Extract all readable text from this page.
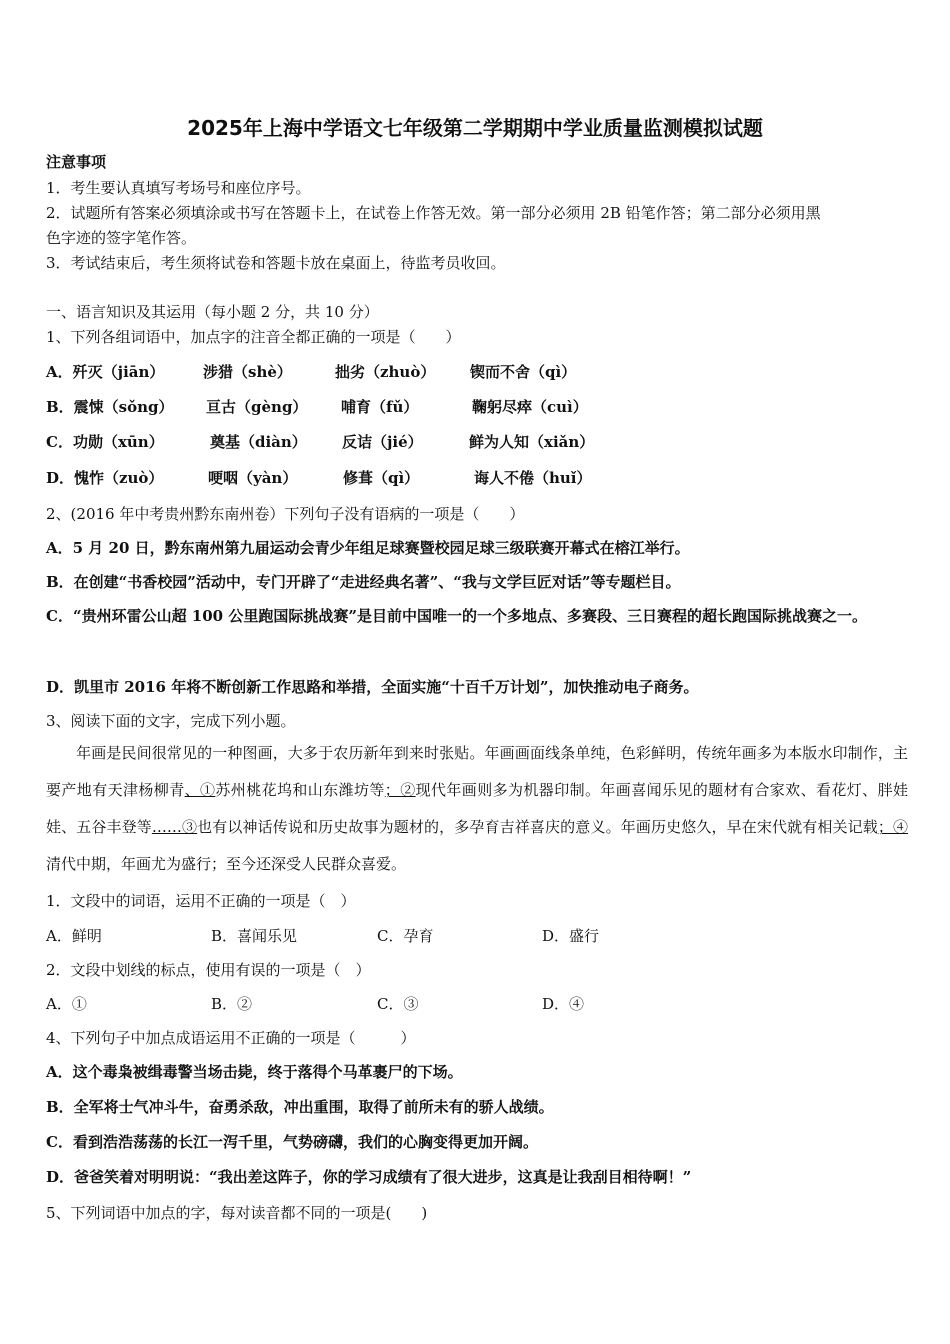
2025年上海中学语文七年级第二学期期中学业质量监测模拟试题
注意事项
1．考生要认真填写考场号和座位序号。
2．试题所有答案必须填涂或书写在答题卡上，在试卷上作答无效。第一部分必须用 2B 铅笔作答；第二部分必须用黑
色字迹的签字笔作答。
3．考试结束后，考生须将试卷和答题卡放在桌面上，待监考员收回。
一、语言知识及其运用（每小题 2 分，共 10 分）
1、下列各组词语中，加点字的注音全都正确的一项是（　　）
A．歼灭（jiān）	涉猎（shè）	拙劣（zhuò） 锲而不舍（qì）
B．震悚（sǒng） 亘古（gèng） 哺育（fǔ）	鞠躬尽瘁（cuì）
C．功勋（xūn）	奠基（diàn） 反诘（jié）	鲜为人知（xiǎn）
D．愧怍（zuò）	哽咽（yàn）	修葺（qì）	诲人不倦（huǐ）
2、(2016 年中考贵州黔东南州卷）下列句子没有语病的一项是（　　）
A．5 月 20 日，黔东南州第九届运动会青少年组足球赛暨校园足球三级联赛开幕式在榕江举行。
B．在创建“书香校园”活动中，专门开辟了“走进经典名著”、“我与文学巨匠对话”等专题栏目。
C．“贵州环雷公山超 100 公里跑国际挑战赛”是目前中国唯一的一个多地点、多赛段、三日赛程的超长跑国际挑战赛之一。
D．凯里市 2016 年将不断创新工作思路和举措，全面实施“十百千万计划”，加快推动电子商务。
3、阅读下面的文字，完成下列小题。
年画是民间很常见的一种图画，大多于农历新年到来时张贴。年画画面线条单纯，色彩鲜明，传统年画多为本版水印制作，主要产地有天津杨柳青、①苏州桃花坞和山东潍坊等；②现代年画则多为机器印制。年画喜闻乐见的题材有合家欢、看花灯、胖娃娃、五谷丰登等……③也有以神话传说和历史故事为题材的，多孕育吉祥喜庆的意义。年画历史悠久，早在宋代就有相关记载；④清代中期，年画尤为盛行；至今还深受人民群众喜爱。
1．文段中的词语，运用不正确的一项是（　）
A．鲜明	B．喜闻乐见	C．孕育	D．盛行
2．文段中划线的标点，使用有误的一项是（　）
A．①	B．②	C．③	D．④
4、下列句子中加点成语运用不正确的一项是（　　　）
A．这个毒枭被缉毒警当场击毙，终于落得个马革裹尸的下场。
B．全军将士气冲斗牛，奋勇杀敌，冲出重围，取得了前所未有的骄人战绩。
C．看到浩浩荡荡的长江一泻千里，气势磅礴，我们的心胸变得更加开阔。
D．爸爸笑着对明明说：“我出差这阵子，你的学习成绩有了很大进步，这真是让我刮目相待啊！”
5、下列词语中加点的字，每对读音都不同的一项是(　　)
